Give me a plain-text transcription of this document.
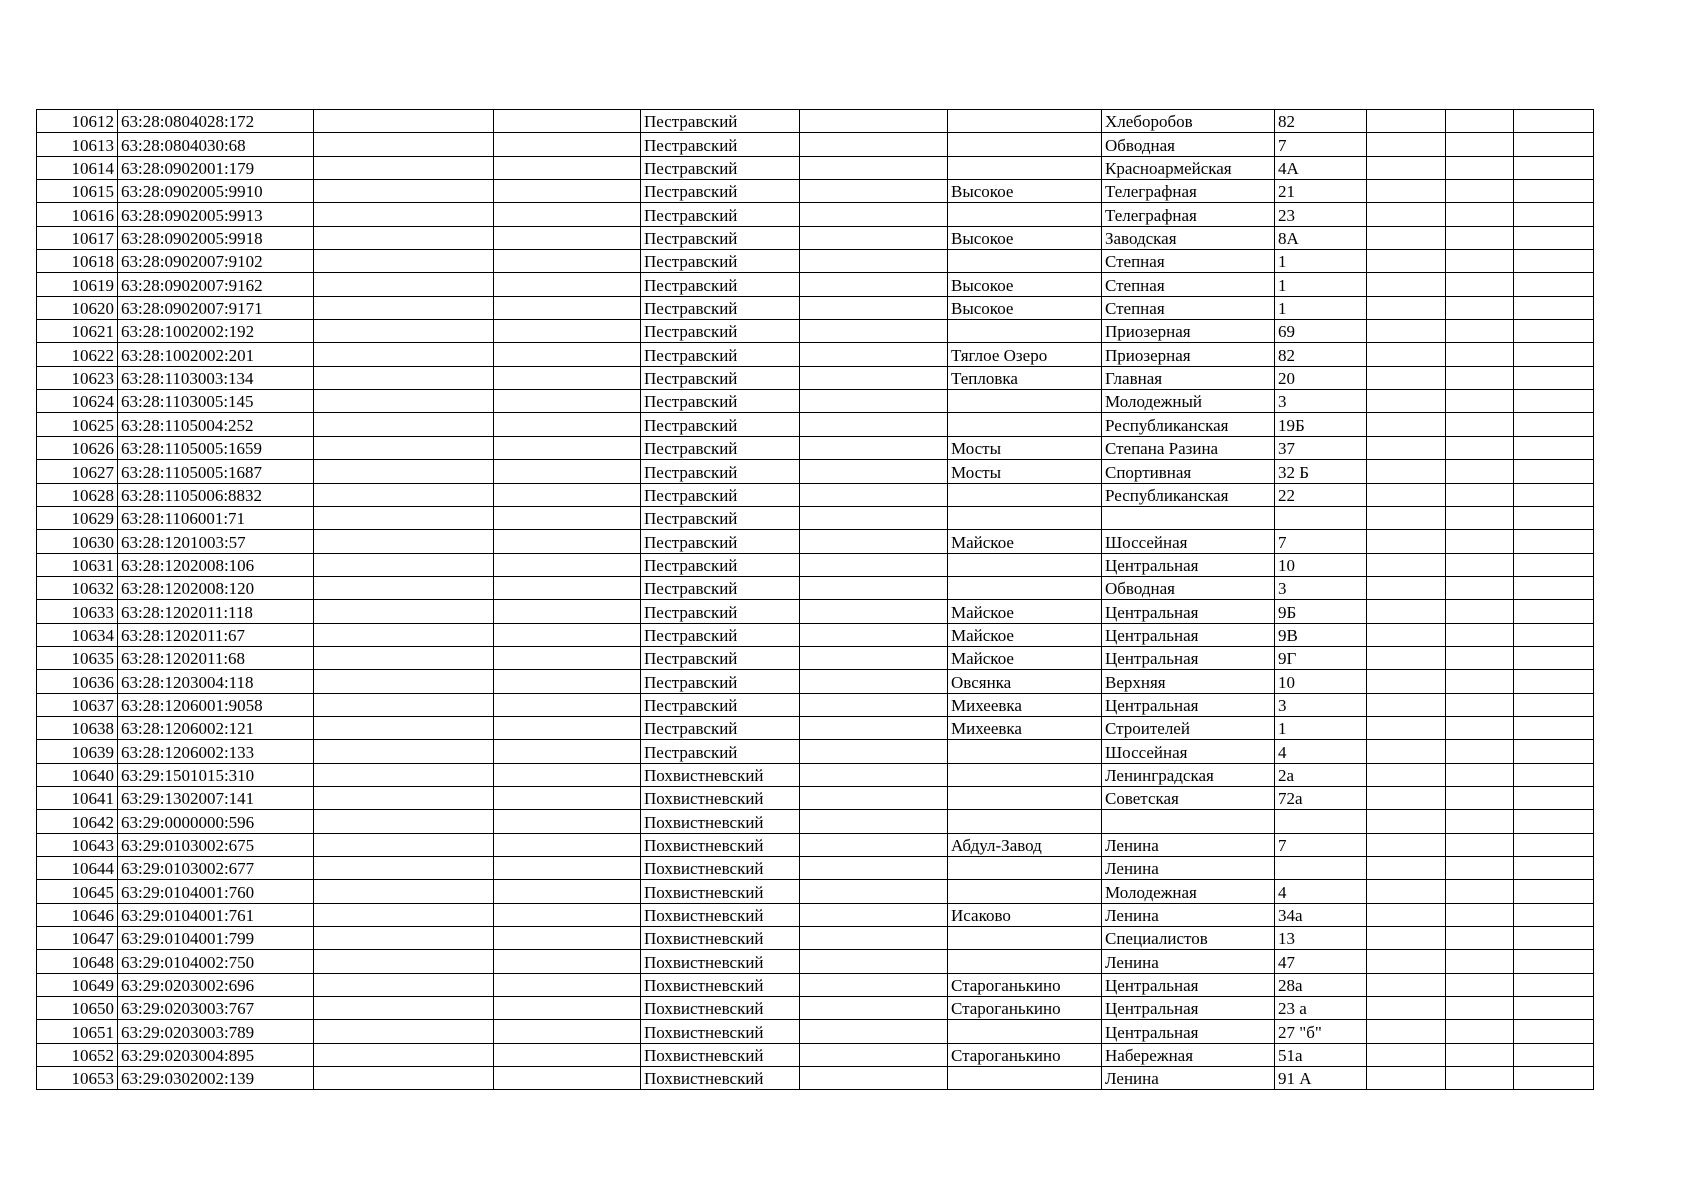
10612	63:28:0804028:172			Пестравский			Хлеборобов	82			
10613	63:28:0804030:68			Пестравский			Обводная	7			
10614	63:28:0902001:179			Пестравский			Красноармейская	4А			
10615	63:28:0902005:9910			Пестравский		Высокое	Телеграфная	21			
10616	63:28:0902005:9913			Пестравский			Телеграфная	23			
10617	63:28:0902005:9918			Пестравский		Высокое	Заводская	8А			
10618	63:28:0902007:9102			Пестравский			Степная	1			
10619	63:28:0902007:9162			Пестравский		Высокое	Степная	1			
10620	63:28:0902007:9171			Пестравский		Высокое	Степная	1			
10621	63:28:1002002:192			Пестравский			Приозерная	69			
10622	63:28:1002002:201			Пестравский		Тяглое Озеро	Приозерная	82			
10623	63:28:1103003:134			Пестравский		Тепловка	Главная	20			
10624	63:28:1103005:145			Пестравский			Молодежный	3			
10625	63:28:1105004:252			Пестравский			Республиканская	19Б			
10626	63:28:1105005:1659			Пестравский		Мосты	Степана Разина	37			
10627	63:28:1105005:1687			Пестравский		Мосты	Спортивная	32 Б			
10628	63:28:1105006:8832			Пестравский			Республиканская	22			
10629	63:28:1106001:71			Пестравский							
10630	63:28:1201003:57			Пестравский		Майское	Шоссейная	7			
10631	63:28:1202008:106			Пестравский			Центральная	10			
10632	63:28:1202008:120			Пестравский			Обводная	3			
10633	63:28:1202011:118			Пестравский		Майское	Центральная	9Б			
10634	63:28:1202011:67			Пестравский		Майское	Центральная	9В			
10635	63:28:1202011:68			Пестравский		Майское	Центральная	9Г			
10636	63:28:1203004:118			Пестравский		Овсянка	Верхняя	10			
10637	63:28:1206001:9058			Пестравский		Михеевка	Центральная	3			
10638	63:28:1206002:121			Пестравский		Михеевка	Строителей	1			
10639	63:28:1206002:133			Пестравский			Шоссейная	4			
10640	63:29:1501015:310			Похвистневский			Ленинградская	2а			
10641	63:29:1302007:141			Похвистневский			Советская	72а			
10642	63:29:0000000:596			Похвистневский							
10643	63:29:0103002:675			Похвистневский		Абдул-Завод	Ленина	7			
10644	63:29:0103002:677			Похвистневский			Ленина				
10645	63:29:0104001:760			Похвистневский			Молодежная	4			
10646	63:29:0104001:761			Похвистневский		Исаково	Ленина	34а			
10647	63:29:0104001:799			Похвистневский			Специалистов	13			
10648	63:29:0104002:750			Похвистневский			Ленина	47			
10649	63:29:0203002:696			Похвистневский		Староганькино	Центральная	28а			
10650	63:29:0203003:767			Похвистневский		Староганькино	Центральная	23 а			
10651	63:29:0203003:789			Похвистневский			Центральная	27 "б"			
10652	63:29:0203004:895			Похвистневский		Староганькино	Набережная	51а			
10653	63:29:0302002:139			Похвистневский			Ленина	91 А			
